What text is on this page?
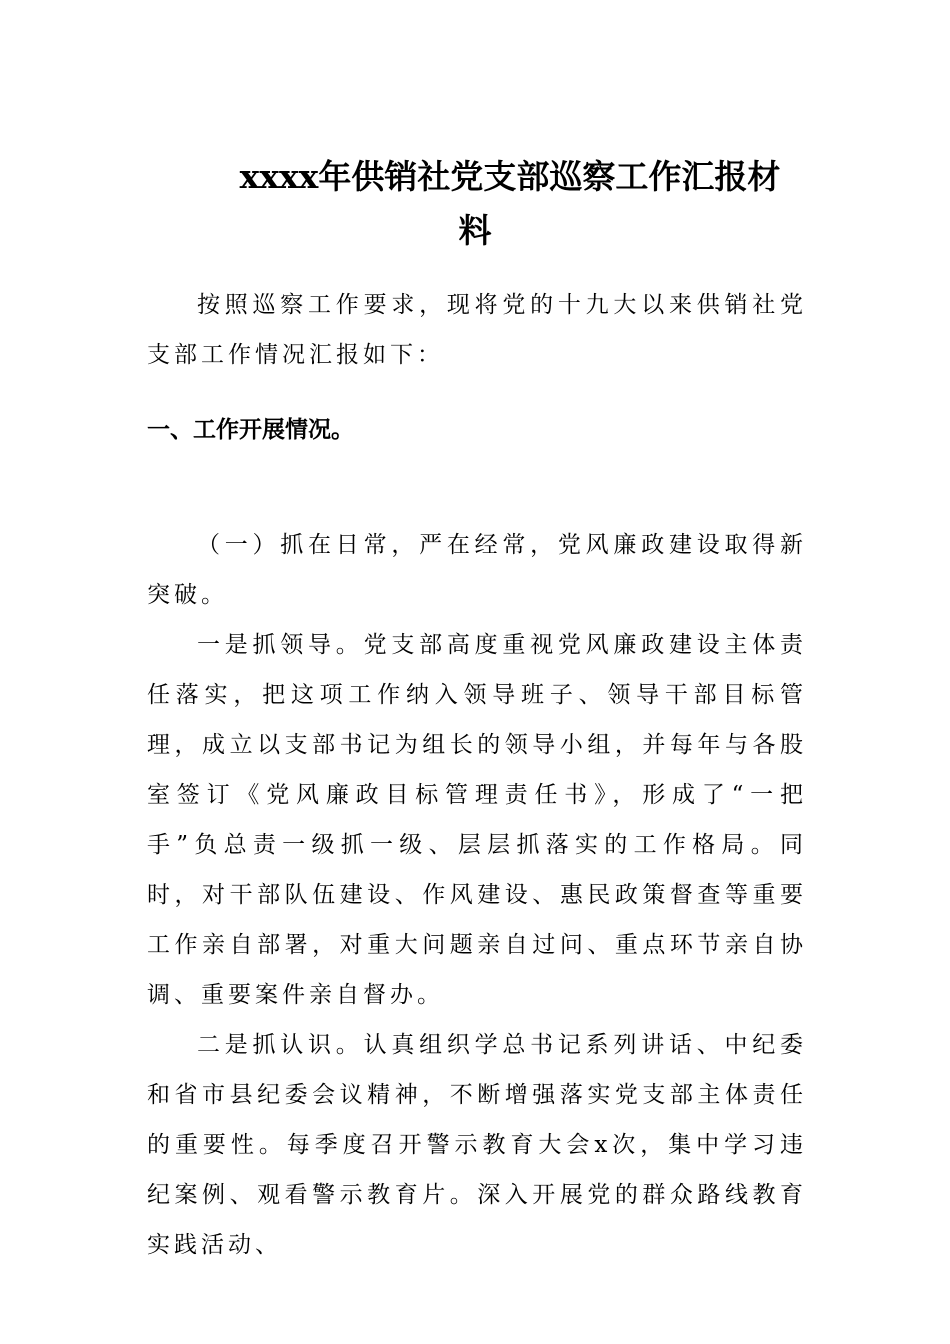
xxxx年供销社党支部巡察工作汇报材
料

按照巡察工作要求，现将党的十九大以来供销社党支部工作情况汇报如下：

一、工作开展情况。

（一）抓在日常，严在经常，党风廉政建设取得新突破。

一是抓领导。党支部高度重视党风廉政建设主体责任落实，把这项工作纳入领导班子、领导干部目标管理，成立以支部书记为组长的领导小组，并每年与各股室签订《党风廉政目标管理责任书》，形成了“一把手”负总责一级抓一级、层层抓落实的工作格局。同时，对干部队伍建设、作风建设、惠民政策督查等重要工作亲自部署，对重大问题亲自过问、重点环节亲自协调、重要案件亲自督办。

二是抓认识。认真组织学总书记系列讲话、中纪委和省市县纪委会议精神，不断增强落实党支部主体责任的重要性。每季度召开警示教育大会x次，集中学习违纪案例、观看警示教育片。深入开展党的群众路线教育实践活动、
